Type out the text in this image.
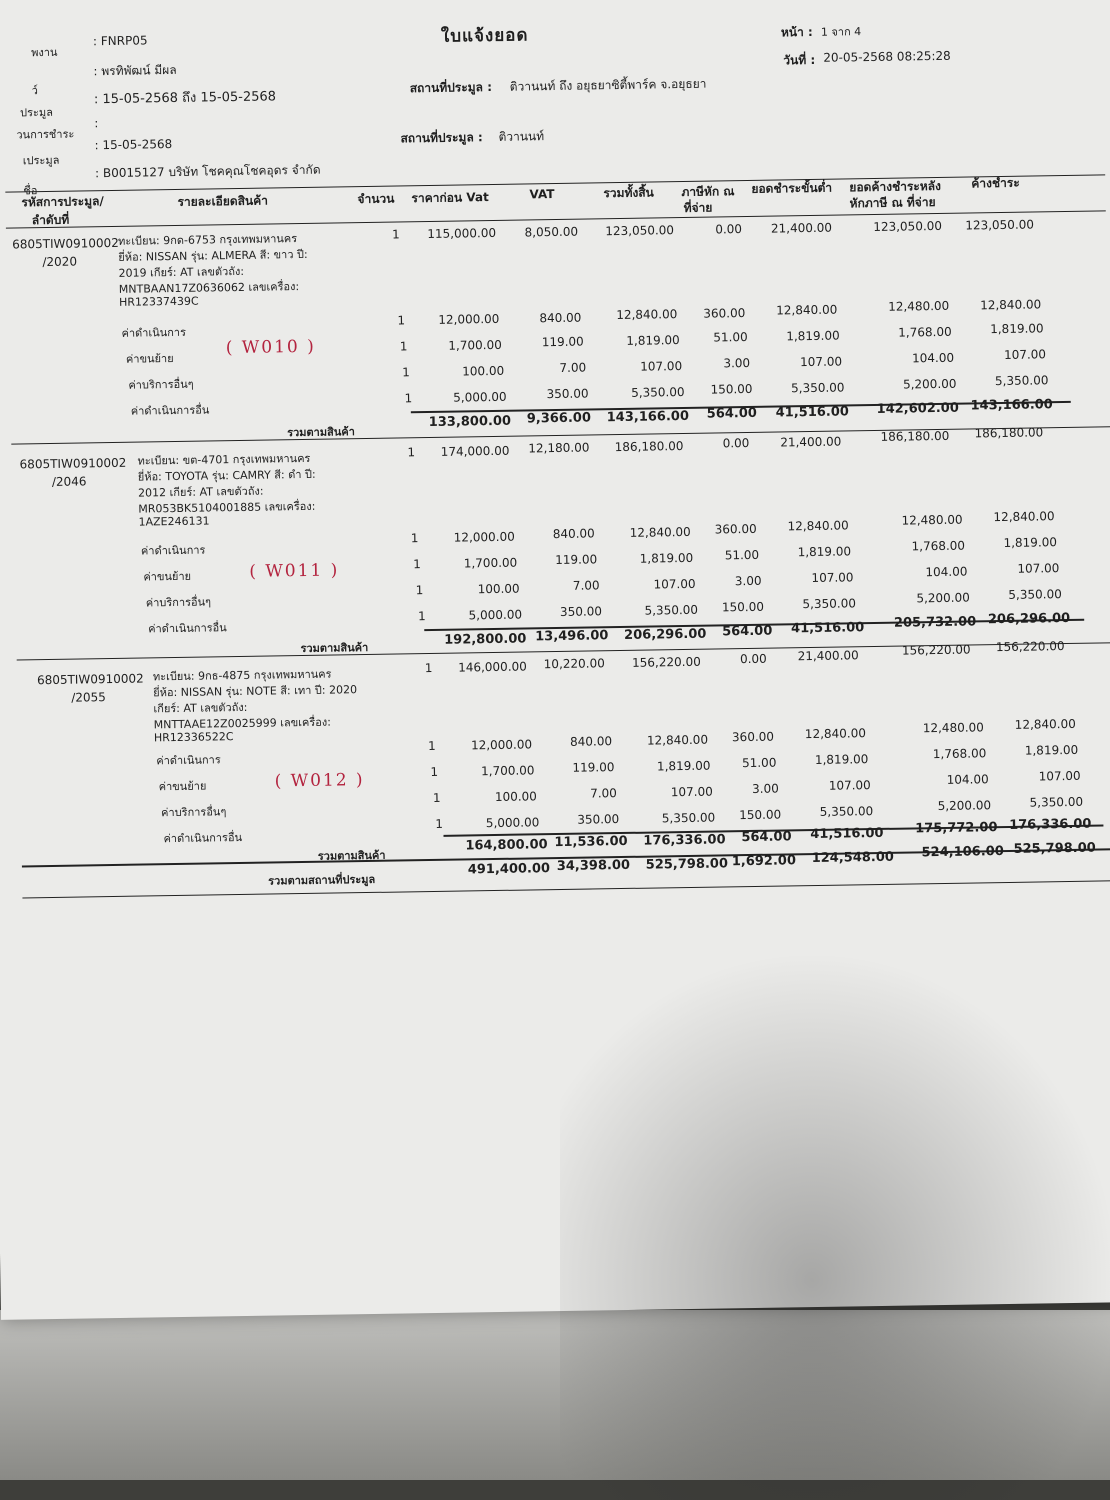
พงาน
ว์
ประมูล
วนการชำระ
เประมูล
ชื่อ
: FNRP05
: พรทิพัฒน์ มีผล
: 15-05-2568 ถึง 15-05-2568
:
: 15-05-2568
: B0015127 บริษัท โชคคุณโชคอุดร จำกัด
ใบแจ้งยอด
สถานที่ประมูล : ติวานนท์ ถึง อยุธยาซิตี้พาร์ค จ.อยุธยา
สถานที่ประมูล : ติวานนท์
หน้า : 1 จาก 4
วันที่ : 20-05-2568 08:25:28
รหัสการประมูล/
ลำดับที่
รายละเอียดสินค้า	จำนวน ราคาก่อน Vat	VAT	รวมทั้งสิ้น ภาษีหัก ณ
ที่จ่าย
ยอดชำระขั้นต่ำ ยอดค้างชำระหลัง
หักภาษี ณ ที่จ่าย
ค้างชำระ
6805TIW0910002
/2020
ทะเบียน: 9กด-6753 กรุงเทพมหานคร
ยี่ห้อ: NISSAN รุ่น: ALMERA สี: ขาว ปี:
2019 เกียร์: AT เลขตัวถัง:
MNTBAAN17Z0636062 เลขเครื่อง:
HR12337439C
1	115,000.00	8,050.00	123,050.00	0.00	21,400.00	123,050.00	123,050.00
( W010 )
ค่าดำเนินการ
1	12,000.00	840.00	12,840.00	360.00	12,840.00	12,480.00	12,840.00
ค่าขนย้าย
1	1,700.00	119.00	1,819.00	51.00	1,819.00	1,768.00	1,819.00
ค่าบริการอื่นๆ
1	100.00	7.00	107.00	3.00	107.00	104.00	107.00
ค่าดำเนินการอื่น
1	5,000.00	350.00	5,350.00	150.00	5,350.00	5,200.00	5,350.00
รวมตามสินค้า
133,800.00	9,366.00	143,166.00	564.00	41,516.00	142,602.00 143,166.00
6805TIW0910002
/2046
ทะเบียน: ขต-4701 กรุงเทพมหานคร
ยี่ห้อ: TOYOTA รุ่น: CAMRY สี: ดำ ปี:
2012 เกียร์: AT เลขตัวถัง:
MR053BK5104001885 เลขเครื่อง:
1AZE246131
1	174,000.00	12,180.00	186,180.00	0.00	21,400.00	186,180.00	186,180.00
( W011 )
ค่าดำเนินการ
1	12,000.00	840.00	12,840.00	360.00	12,840.00	12,480.00	12,840.00
ค่าขนย้าย
1	1,700.00	119.00	1,819.00	51.00	1,819.00	1,768.00	1,819.00
ค่าบริการอื่นๆ
1	100.00	7.00	107.00	3.00	107.00	104.00	107.00
ค่าดำเนินการอื่น
1	5,000.00	350.00	5,350.00	150.00	5,350.00	5,200.00	5,350.00
รวมตามสินค้า
192,800.00 13,496.00	206,296.00	564.00	41,516.00	205,732.00 206,296.00
6805TIW0910002
/2055
ทะเบียน: 9กธ-4875 กรุงเทพมหานคร
ยี่ห้อ: NISSAN รุ่น: NOTE สี: เทา ปี: 2020
เกียร์: AT เลขตัวถัง:
MNTTAAE12Z0025999 เลขเครื่อง:
HR12336522C
1	146,000.00	10,220.00	156,220.00	0.00	21,400.00	156,220.00	156,220.00
( W012 )
ค่าดำเนินการ
1	12,000.00	840.00	12,840.00	360.00	12,840.00	12,480.00	12,840.00
ค่าขนย้าย
1	1,700.00	119.00	1,819.00	51.00	1,819.00	1,768.00	1,819.00
ค่าบริการอื่นๆ
1	100.00	7.00	107.00	3.00	107.00	104.00	107.00
ค่าดำเนินการอื่น
1	5,000.00	350.00	5,350.00	150.00	5,350.00	5,200.00	5,350.00
รวมตามสินค้า
164,800.00 11,536.00	176,336.00	564.00	41,516.00	175,772.00 176,336.00
รวมตามสถานที่ประมูล
491,400.00 34,398.00	525,798.00 1,692.00	124,548.00	524,106.00 525,798.00
